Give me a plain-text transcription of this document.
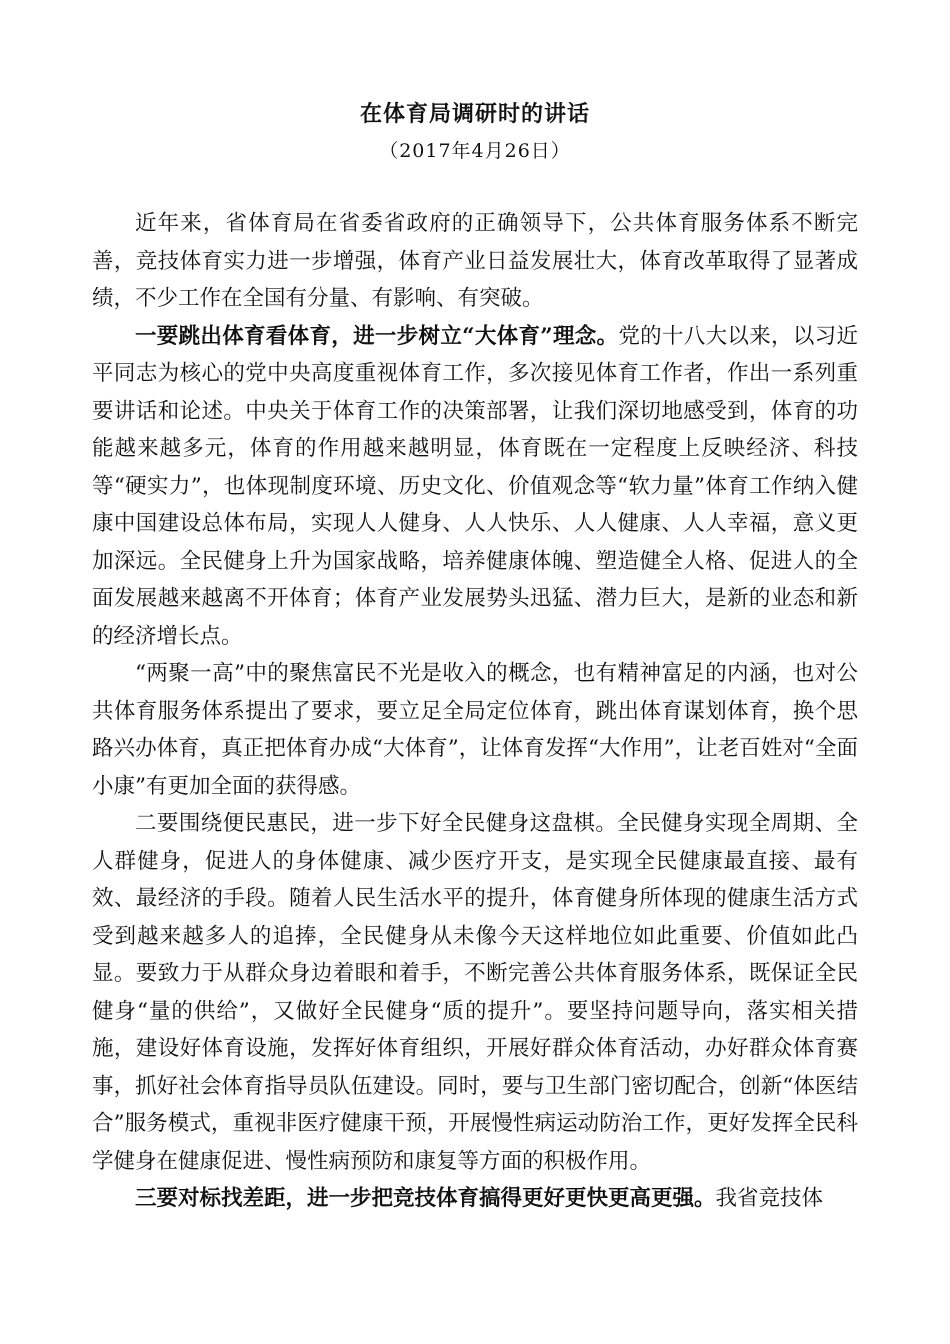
在体育局调研时的讲话
（2017年4月26日）

近年来，省体育局在省委省政府的正确领导下，公共体育服务体系不断完善，竞技体育实力进一步增强，体育产业日益发展壮大，体育改革取得了显著成绩，不少工作在全国有分量、有影响、有突破。

一要跳出体育看体育，进一步树立“大体育”理念。党的十八大以来，以习近平同志为核心的党中央高度重视体育工作，多次接见体育工作者，作出一系列重要讲话和论述。中央关于体育工作的决策部署，让我们深切地感受到，体育的功能越来越多元，体育的作用越来越明显，体育既在一定程度上反映经济、科技等“硬实力”，也体现制度环境、历史文化、价值观念等“软力量”体育工作纳入健康中国建设总体布局，实现人人健身、人人快乐、人人健康、人人幸福，意义更加深远。全民健身上升为国家战略，培养健康体魄、塑造健全人格、促进人的全面发展越来越离不开体育；体育产业发展势头迅猛、潜力巨大，是新的业态和新的经济增长点。

“两聚一高”中的聚焦富民不光是收入的概念，也有精神富足的内涵，也对公共体育服务体系提出了要求，要立足全局定位体育，跳出体育谋划体育，换个思路兴办体育，真正把体育办成“大体育”，让体育发挥“大作用”，让老百姓对“全面小康”有更加全面的获得感。

二要围绕便民惠民，进一步下好全民健身这盘棋。全民健身实现全周期、全人群健身，促进人的身体健康、减少医疗开支，是实现全民健康最直接、最有效、最经济的手段。随着人民生活水平的提升，体育健身所体现的健康生活方式受到越来越多人的追捧，全民健身从未像今天这样地位如此重要、价值如此凸显。要致力于从群众身边着眼和着手，不断完善公共体育服务体系，既保证全民健身“量的供给”，又做好全民健身“质的提升”。要坚持问题导向，落实相关措施，建设好体育设施，发挥好体育组织，开展好群众体育活动，办好群众体育赛事，抓好社会体育指导员队伍建设。同时，要与卫生部门密切配合，创新“体医结合”服务模式，重视非医疗健康干预，开展慢性病运动防治工作，更好发挥全民科学健身在健康促进、慢性病预防和康复等方面的积极作用。

三要对标找差距，进一步把竞技体育搞得更好更快更高更强。我省竞技体
